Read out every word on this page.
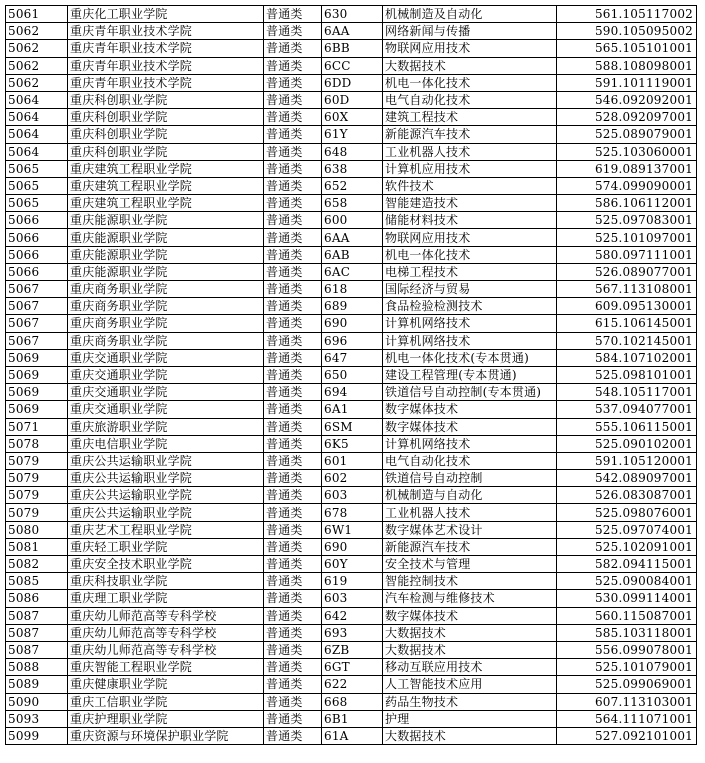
5061	重庆化工职业学院	普通类	630	机械制造及自动化	561.105117002
5062	重庆青年职业技术学院	普通类	6AA	网络新闻与传播	590.105095002
5062	重庆青年职业技术学院	普通类	6BB	物联网应用技术	565.105101001
5062	重庆青年职业技术学院	普通类	6CC	大数据技术	588.108098001
5062	重庆青年职业技术学院	普通类	6DD	机电一体化技术	591.101119001
5064	重庆科创职业学院	普通类	60D	电气自动化技术	546.092092001
5064	重庆科创职业学院	普通类	60X	建筑工程技术	528.092097001
5064	重庆科创职业学院	普通类	61Y	新能源汽车技术	525.089079001
5064	重庆科创职业学院	普通类	648	工业机器人技术	525.103060001
5065	重庆建筑工程职业学院	普通类	638	计算机应用技术	619.089137001
5065	重庆建筑工程职业学院	普通类	652	软件技术	574.099090001
5065	重庆建筑工程职业学院	普通类	658	智能建造技术	586.106112001
5066	重庆能源职业学院	普通类	600	储能材料技术	525.097083001
5066	重庆能源职业学院	普通类	6AA	物联网应用技术	525.101097001
5066	重庆能源职业学院	普通类	6AB	机电一体化技术	580.097111001
5066	重庆能源职业学院	普通类	6AC	电梯工程技术	526.089077001
5067	重庆商务职业学院	普通类	618	国际经济与贸易	567.113108001
5067	重庆商务职业学院	普通类	689	食品检验检测技术	609.095130001
5067	重庆商务职业学院	普通类	690	计算机网络技术	615.106145001
5067	重庆商务职业学院	普通类	696	计算机网络技术	570.102145001
5069	重庆交通职业学院	普通类	647	机电一体化技术(专本贯通)	584.107102001
5069	重庆交通职业学院	普通类	650	建设工程管理(专本贯通)	525.098101001
5069	重庆交通职业学院	普通类	694	铁道信号自动控制(专本贯通)	548.105117001
5069	重庆交通职业学院	普通类	6A1	数字媒体技术	537.094077001
5071	重庆旅游职业学院	普通类	6SM	数字媒体技术	555.106115001
5078	重庆电信职业学院	普通类	6K5	计算机网络技术	525.090102001
5079	重庆公共运输职业学院	普通类	601	电气自动化技术	591.105120001
5079	重庆公共运输职业学院	普通类	602	铁道信号自动控制	542.089097001
5079	重庆公共运输职业学院	普通类	603	机械制造与自动化	526.083087001
5079	重庆公共运输职业学院	普通类	678	工业机器人技术	525.098076001
5080	重庆艺术工程职业学院	普通类	6W1	数字媒体艺术设计	525.097074001
5081	重庆轻工职业学院	普通类	690	新能源汽车技术	525.102091001
5082	重庆安全技术职业学院	普通类	60Y	安全技术与管理	582.094115001
5085	重庆科技职业学院	普通类	619	智能控制技术	525.090084001
5086	重庆理工职业学院	普通类	603	汽车检测与维修技术	530.099114001
5087	重庆幼儿师范高等专科学校	普通类	642	数字媒体技术	560.115087001
5087	重庆幼儿师范高等专科学校	普通类	693	大数据技术	585.103118001
5087	重庆幼儿师范高等专科学校	普通类	6ZB	大数据技术	556.099078001
5088	重庆智能工程职业学院	普通类	6GT	移动互联应用技术	525.101079001
5089	重庆健康职业学院	普通类	622	人工智能技术应用	525.099069001
5090	重庆工信职业学院	普通类	668	药品生物技术	607.113103001
5093	重庆护理职业学院	普通类	6B1	护理	564.111071001
5099	重庆资源与环境保护职业学院	普通类	61A	大数据技术	527.092101001
